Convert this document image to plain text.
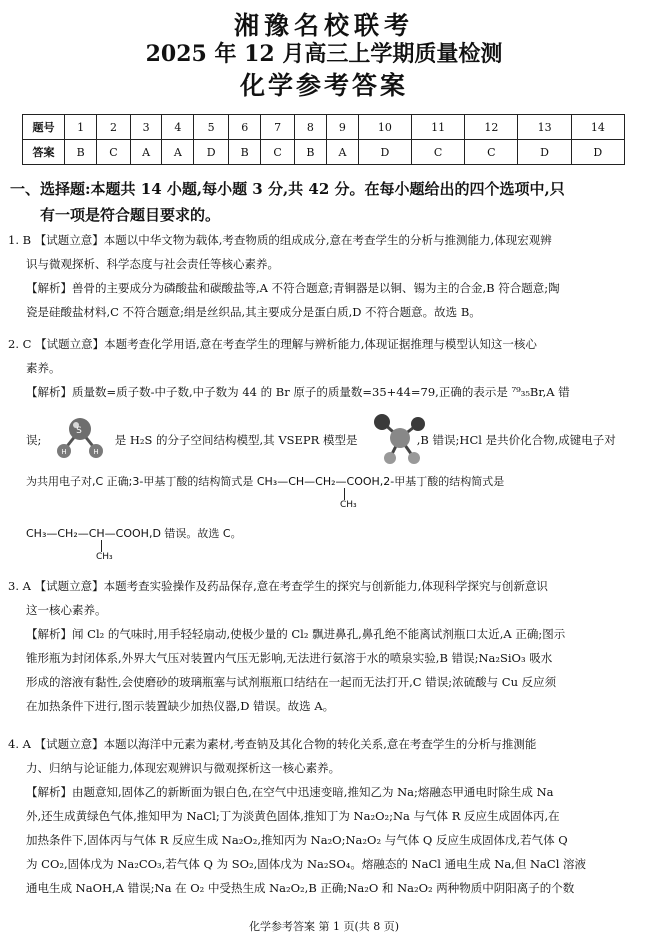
湘豫名校联考
2025 年 12 月高三上学期质量检测
化学参考答案
题号	1	2	3	4	5	6	7	8	9	10	11	12	13	14
答案	B	C	A	A	D	B	C	B	A	D	C	C	D	D
一、选择题:本题共 14 小题,每小题 3 分,共 42 分。在每小题给出的四个选项中,只
有一项是符合题目要求的。
1. B 【试题立意】本题以中华文物为载体,考查物质的组成成分,意在考查学生的分析与推测能力,体现宏观辨
识与微观探析、科学态度与社会责任等核心素养。
【解析】兽骨的主要成分为磷酸盐和碳酸盐等,A 不符合题意;青铜器是以铜、锡为主的合金,B 符合题意;陶
瓷是硅酸盐材料,C 不符合题意;绢是丝织品,其主要成分是蛋白质,D 不符合题意。故选 B。
2. C 【试题立意】本题考查化学用语,意在考查学生的理解与辨析能力,体现证据推理与模型认知这一核心
素养。
【解析】质量数=质子数-中子数,中子数为 44 的 Br 原子的质量数=35+44=79,正确的表示是 ⁷⁹₃₅Br,A 错
误;	是 H₂S 的分子空间结构模型,其 VSEPR 模型是	,B 错误;HCl 是共价化合物,成键电子对
S
H	H
为共用电子对,C 正确;3-甲基丁酸的结构简式是 CH₃—CH—CH₂—COOH,2-甲基丁酸的结构简式是
CH₃
CH₃—CH₂—CH—COOH,D 错误。故选 C。
CH₃
3. A 【试题立意】本题考查实验操作及药品保存,意在考查学生的探究与创新能力,体现科学探究与创新意识
这一核心素养。
【解析】闻 Cl₂ 的气味时,用手轻轻扇动,使极少量的 Cl₂ 飘进鼻孔,鼻孔绝不能离试剂瓶口太近,A 正确;图示
锥形瓶为封闭体系,外界大气压对装置内气压无影响,无法进行氨溶于水的喷泉实验,B 错误;Na₂SiO₃ 吸水
形成的溶液有黏性,会使磨砂的玻璃瓶塞与试剂瓶瓶口结结在一起而无法打开,C 错误;浓硫酸与 Cu 反应须
在加热条件下进行,图示装置缺少加热仪器,D 错误。故选 A。
4. A 【试题立意】本题以海洋中元素为素材,考查钠及其化合物的转化关系,意在考查学生的分析与推测能
力、归纳与论证能力,体现宏观辨识与微观探析这一核心素养。
【解析】由题意知,固体乙的新断面为银白色,在空气中迅速变暗,推知乙为 Na;熔融态甲通电时除生成 Na
外,还生成黄绿色气体,推知甲为 NaCl;丁为淡黄色固体,推知丁为 Na₂O₂;Na 与气体 R 反应生成固体丙,在
加热条件下,固体丙与气体 R 反应生成 Na₂O₂,推知丙为 Na₂O;Na₂O₂ 与气体 Q 反应生成固体戊,若气体 Q
为 CO₂,固体戊为 Na₂CO₃,若气体 Q 为 SO₂,固体戊为 Na₂SO₄。熔融态的 NaCl 通电生成 Na,但 NaCl 溶液
通电生成 NaOH,A 错误;Na 在 O₂ 中受热生成 Na₂O₂,B 正确;Na₂O 和 Na₂O₂ 两种物质中阴阳离子的个数
化学参考答案 第 1 页(共 8 页)
